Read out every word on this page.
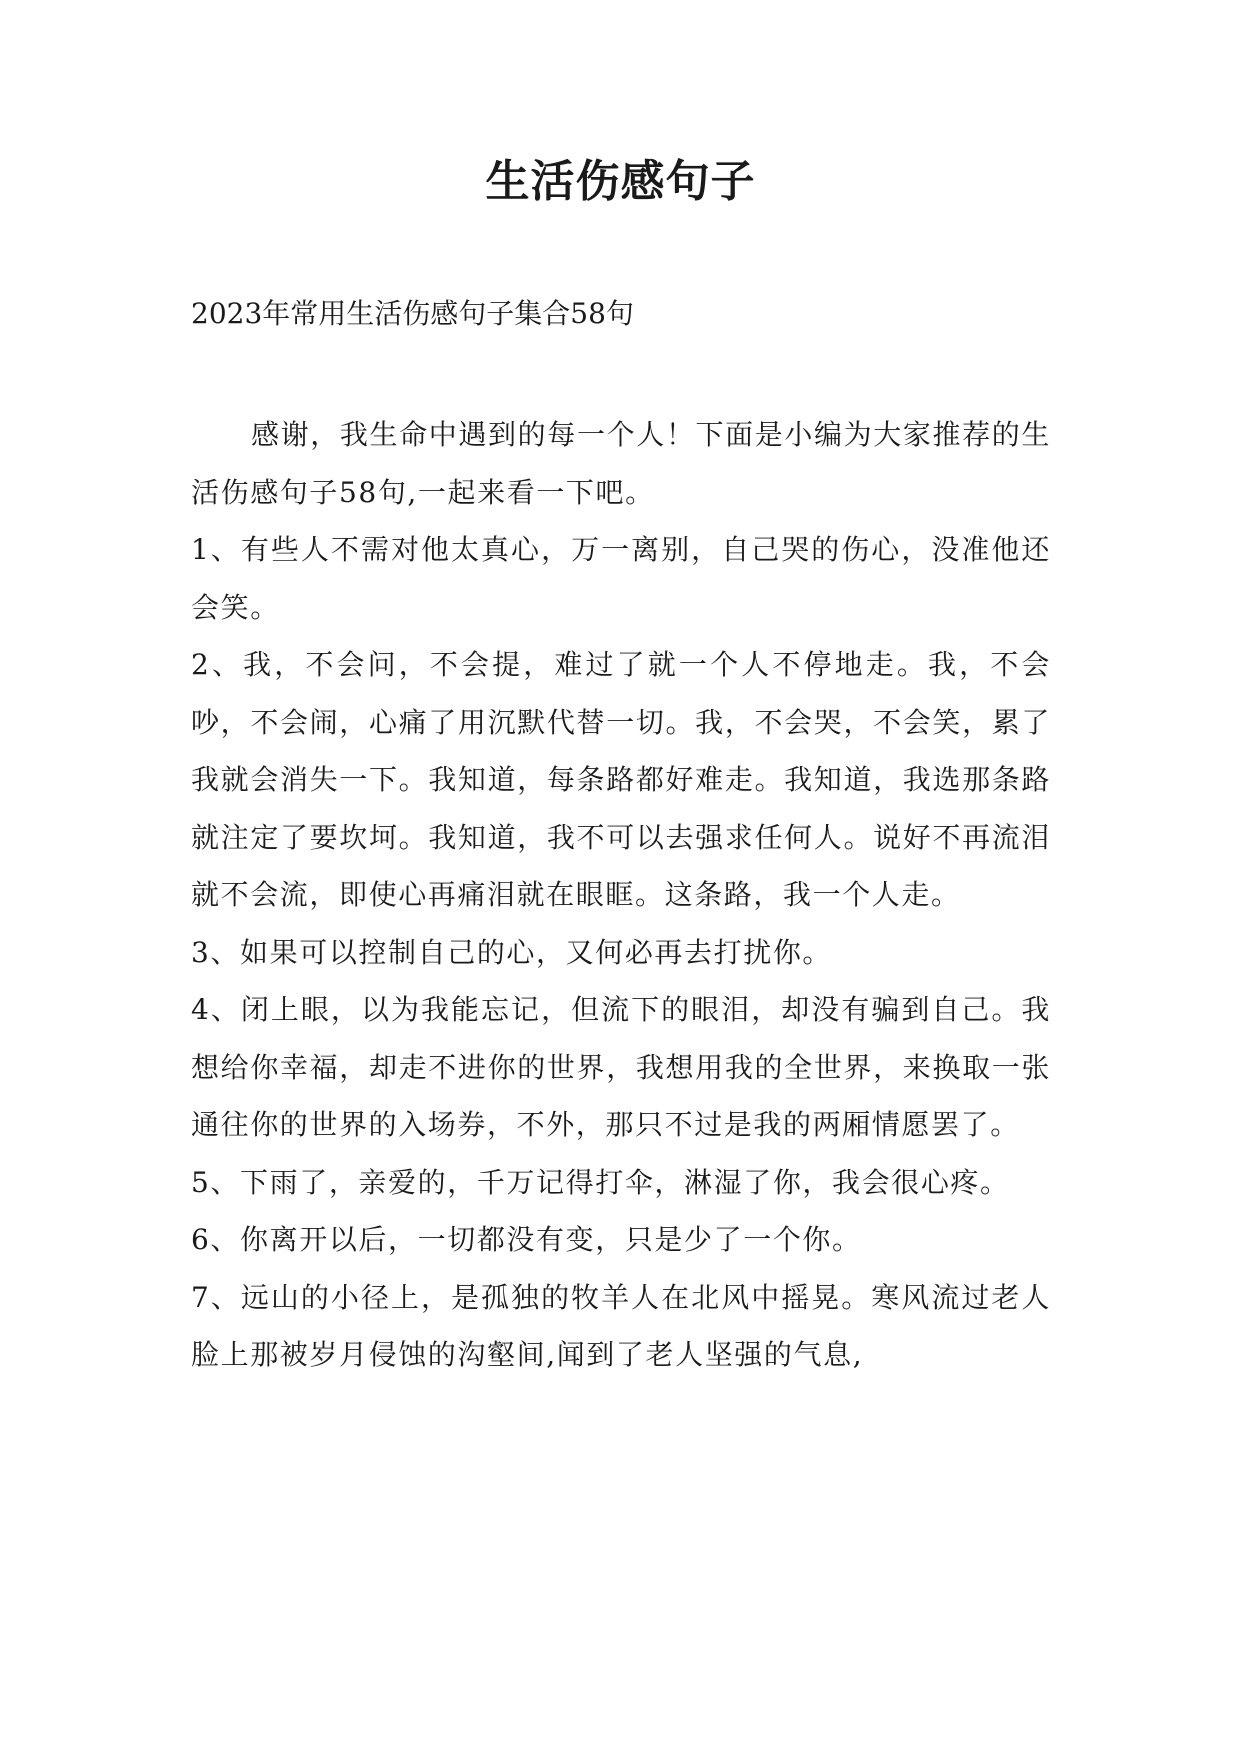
生活伤感句子

2023年常用生活伤感句子集合58句

感谢，我生命中遇到的每一个人！下面是小编为大家推荐的生活伤感句子58句,一起来看一下吧。

1、有些人不需对他太真心，万一离别，自己哭的伤心，没准他还会笑。

2、我，不会问，不会提，难过了就一个人不停地走。我，不会吵，不会闹，心痛了用沉默代替一切。我，不会哭，不会笑，累了我就会消失一下。我知道，每条路都好难走。我知道，我选那条路就注定了要坎坷。我知道，我不可以去强求任何人。说好不再流泪就不会流，即使心再痛泪就在眼眶。这条路，我一个人走。

3、如果可以控制自己的心，又何必再去打扰你。

4、闭上眼，以为我能忘记，但流下的眼泪，却没有骗到自己。我想给你幸福，却走不进你的世界，我想用我的全世界，来换取一张通往你的世界的入场券，不外，那只不过是我的两厢情愿罢了。

5、下雨了，亲爱的，千万记得打伞，淋湿了你，我会很心疼。

6、你离开以后，一切都没有变，只是少了一个你。

7、远山的小径上，是孤独的牧羊人在北风中摇晃。寒风流过老人脸上那被岁月侵蚀的沟壑间,闻到了老人坚强的气息,
